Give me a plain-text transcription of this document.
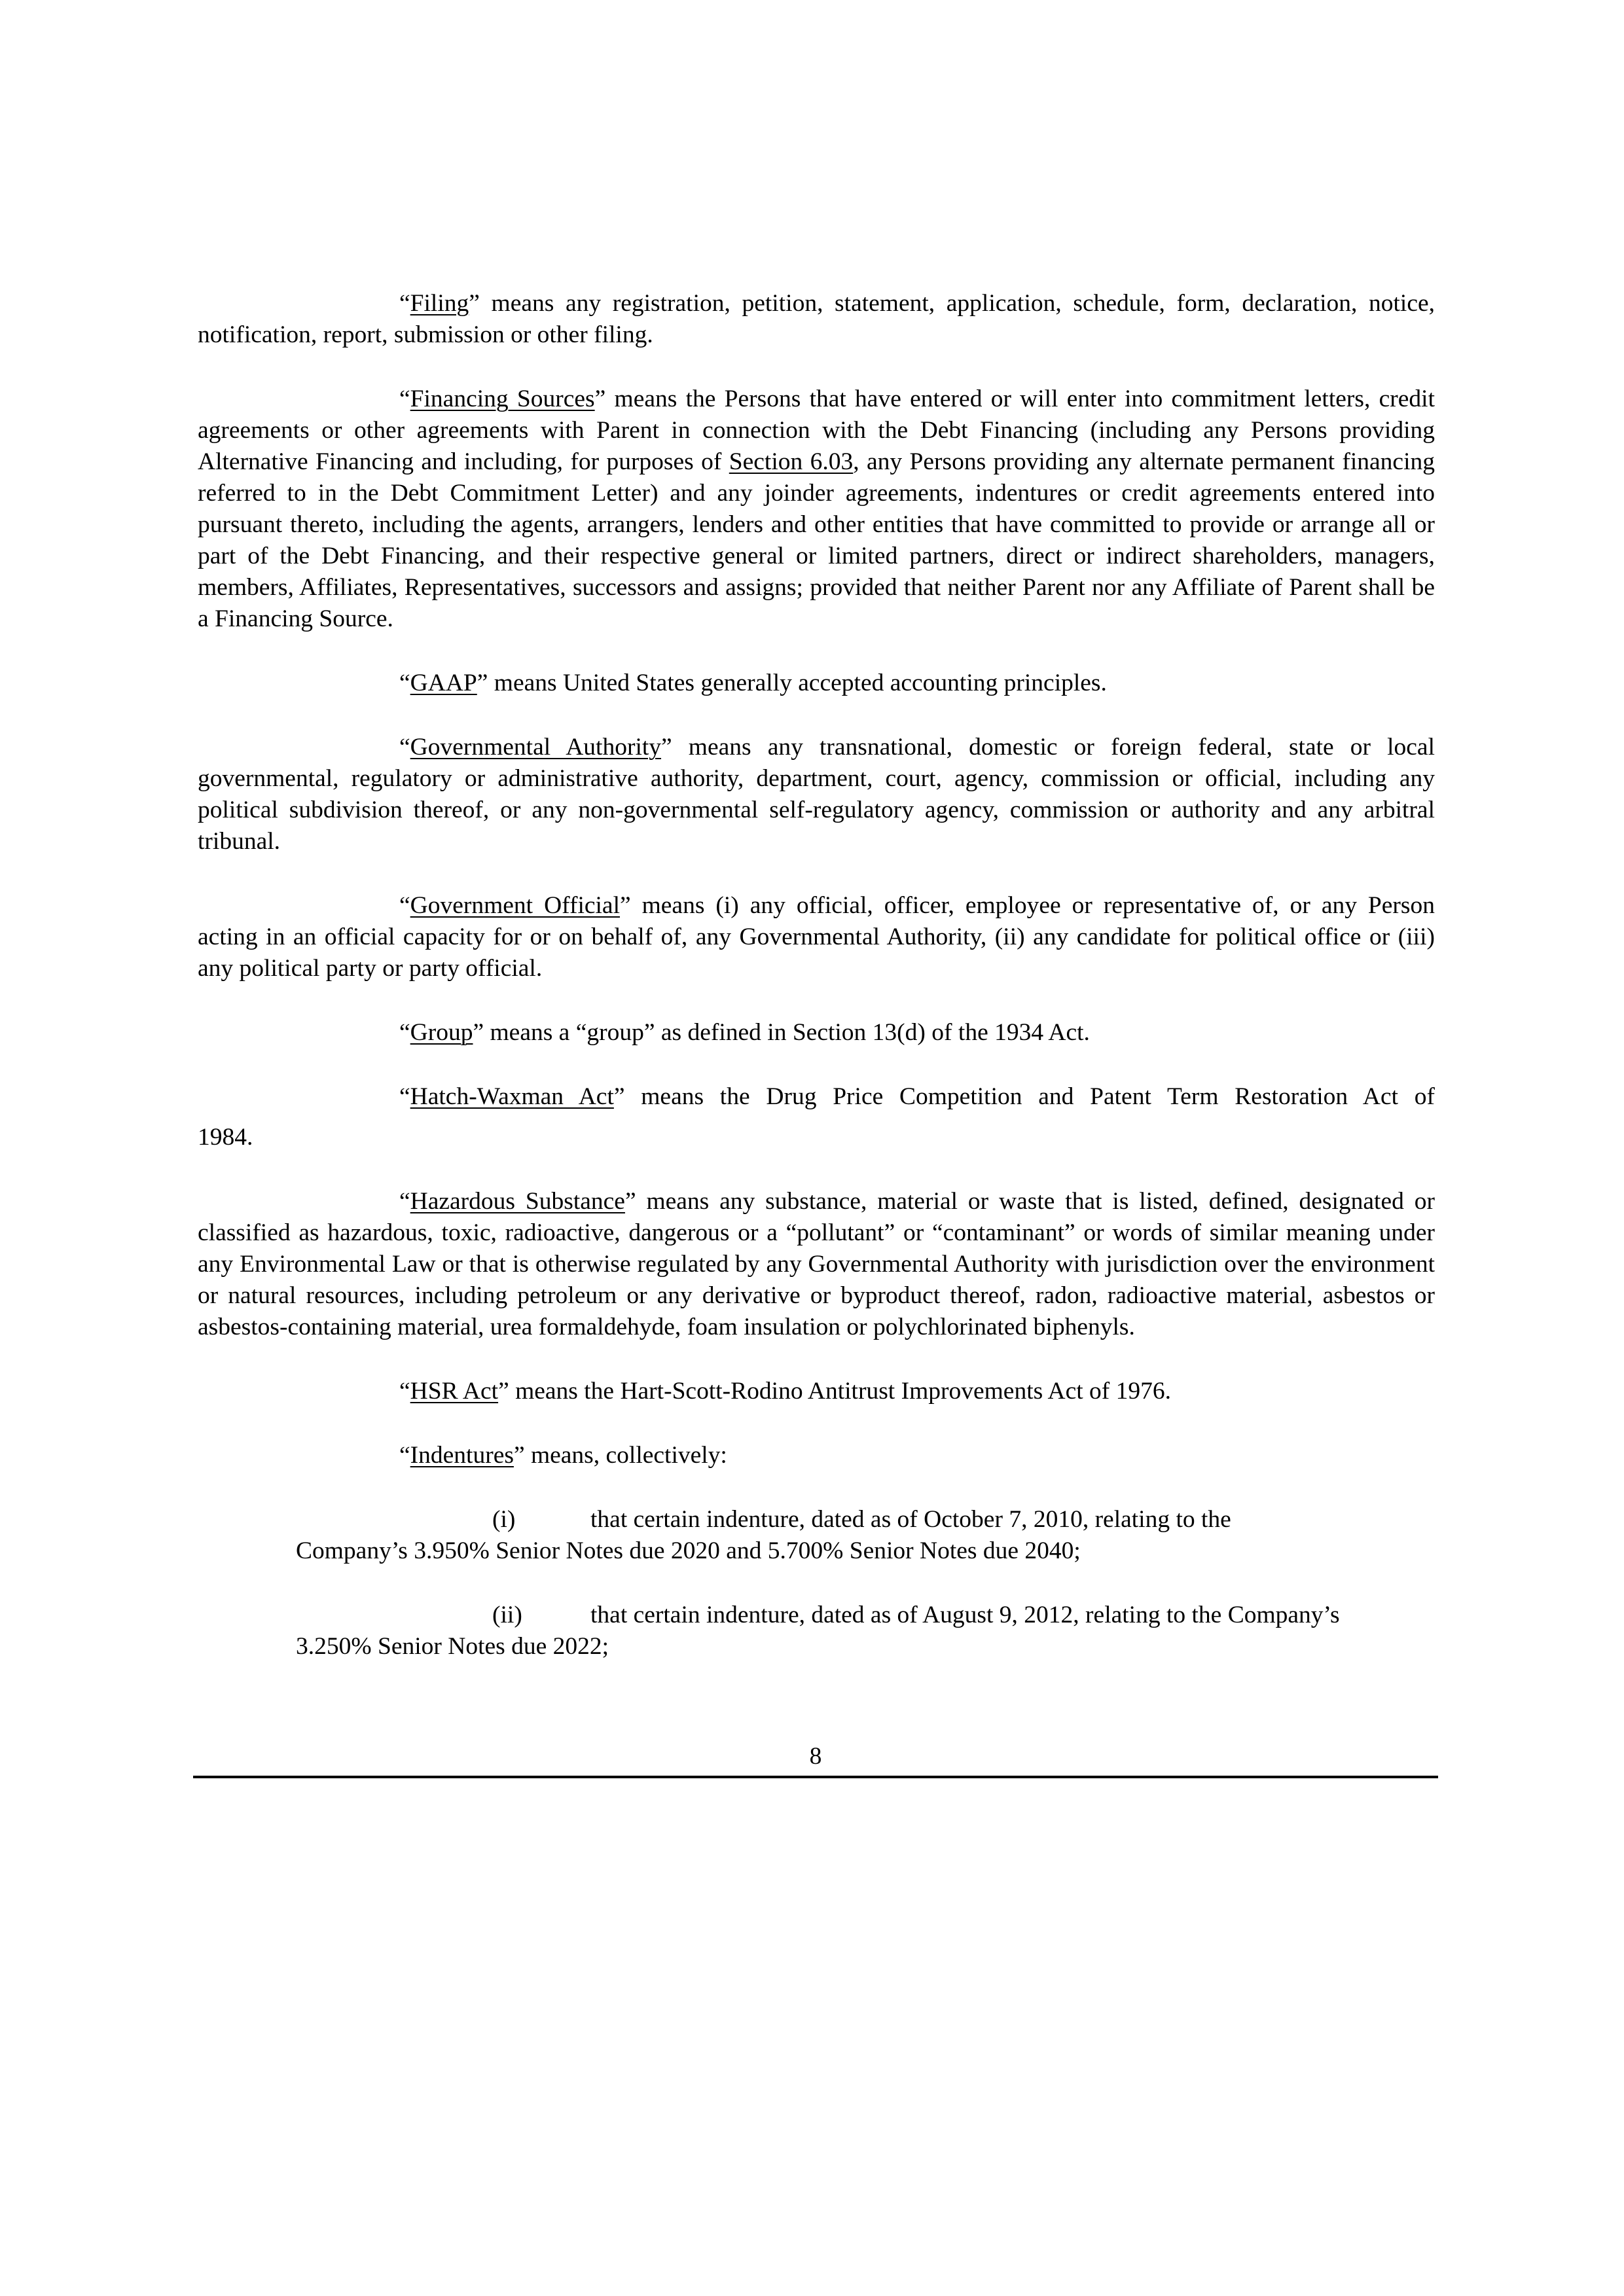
“Filing” means any registration, petition, statement, application, schedule, form, declaration, notice, notification, report, submission or other filing.

“Financing Sources” means the Persons that have entered or will enter into commitment letters, credit agreements or other agreements with Parent in connection with the Debt Financing (including any Persons providing Alternative Financing and including, for purposes of Section 6.03, any Persons providing any alternate permanent financing referred to in the Debt Commitment Letter) and any joinder agreements, indentures or credit agreements entered into pursuant thereto, including the agents, arrangers, lenders and other entities that have committed to provide or arrange all or part of the Debt Financing, and their respective general or limited partners, direct or indirect shareholders, managers, members, Affiliates, Representatives, successors and assigns; provided that neither Parent nor any Affiliate of Parent shall be a Financing Source.

“GAAP” means United States generally accepted accounting principles.

“Governmental Authority” means any transnational, domestic or foreign federal, state or local governmental, regulatory or administrative authority, department, court, agency, commission or official, including any political subdivision thereof, or any non-governmental self-regulatory agency, commission or authority and any arbitral tribunal.

“Government Official” means (i) any official, officer, employee or representative of, or any Person acting in an official capacity for or on behalf of, any Governmental Authority, (ii) any candidate for political office or (iii) any political party or party official.

“Group” means a “group” as defined in Section 13(d) of the 1934 Act.

“Hatch-Waxman Act” means the Drug Price Competition and Patent Term Restoration Act of
1984.

“Hazardous Substance” means any substance, material or waste that is listed, defined, designated or classified as hazardous, toxic, radioactive, dangerous or a “pollutant” or “contaminant” or words of similar meaning under any Environmental Law or that is otherwise regulated by any Governmental Authority with jurisdiction over the environment or natural resources, including petroleum or any derivative or byproduct thereof, radon, radioactive material, asbestos or asbestos-containing material, urea formaldehyde, foam insulation or polychlorinated biphenyls.

“HSR Act” means the Hart-Scott-Rodino Antitrust Improvements Act of 1976.

“Indentures” means, collectively:

(i)	that certain indenture, dated as of October 7, 2010, relating to the
Company’s 3.950% Senior Notes due 2020 and 5.700% Senior Notes due 2040;
(ii)	that certain indenture, dated as of August 9, 2012, relating to the Company’s
3.250% Senior Notes due 2022;
8
